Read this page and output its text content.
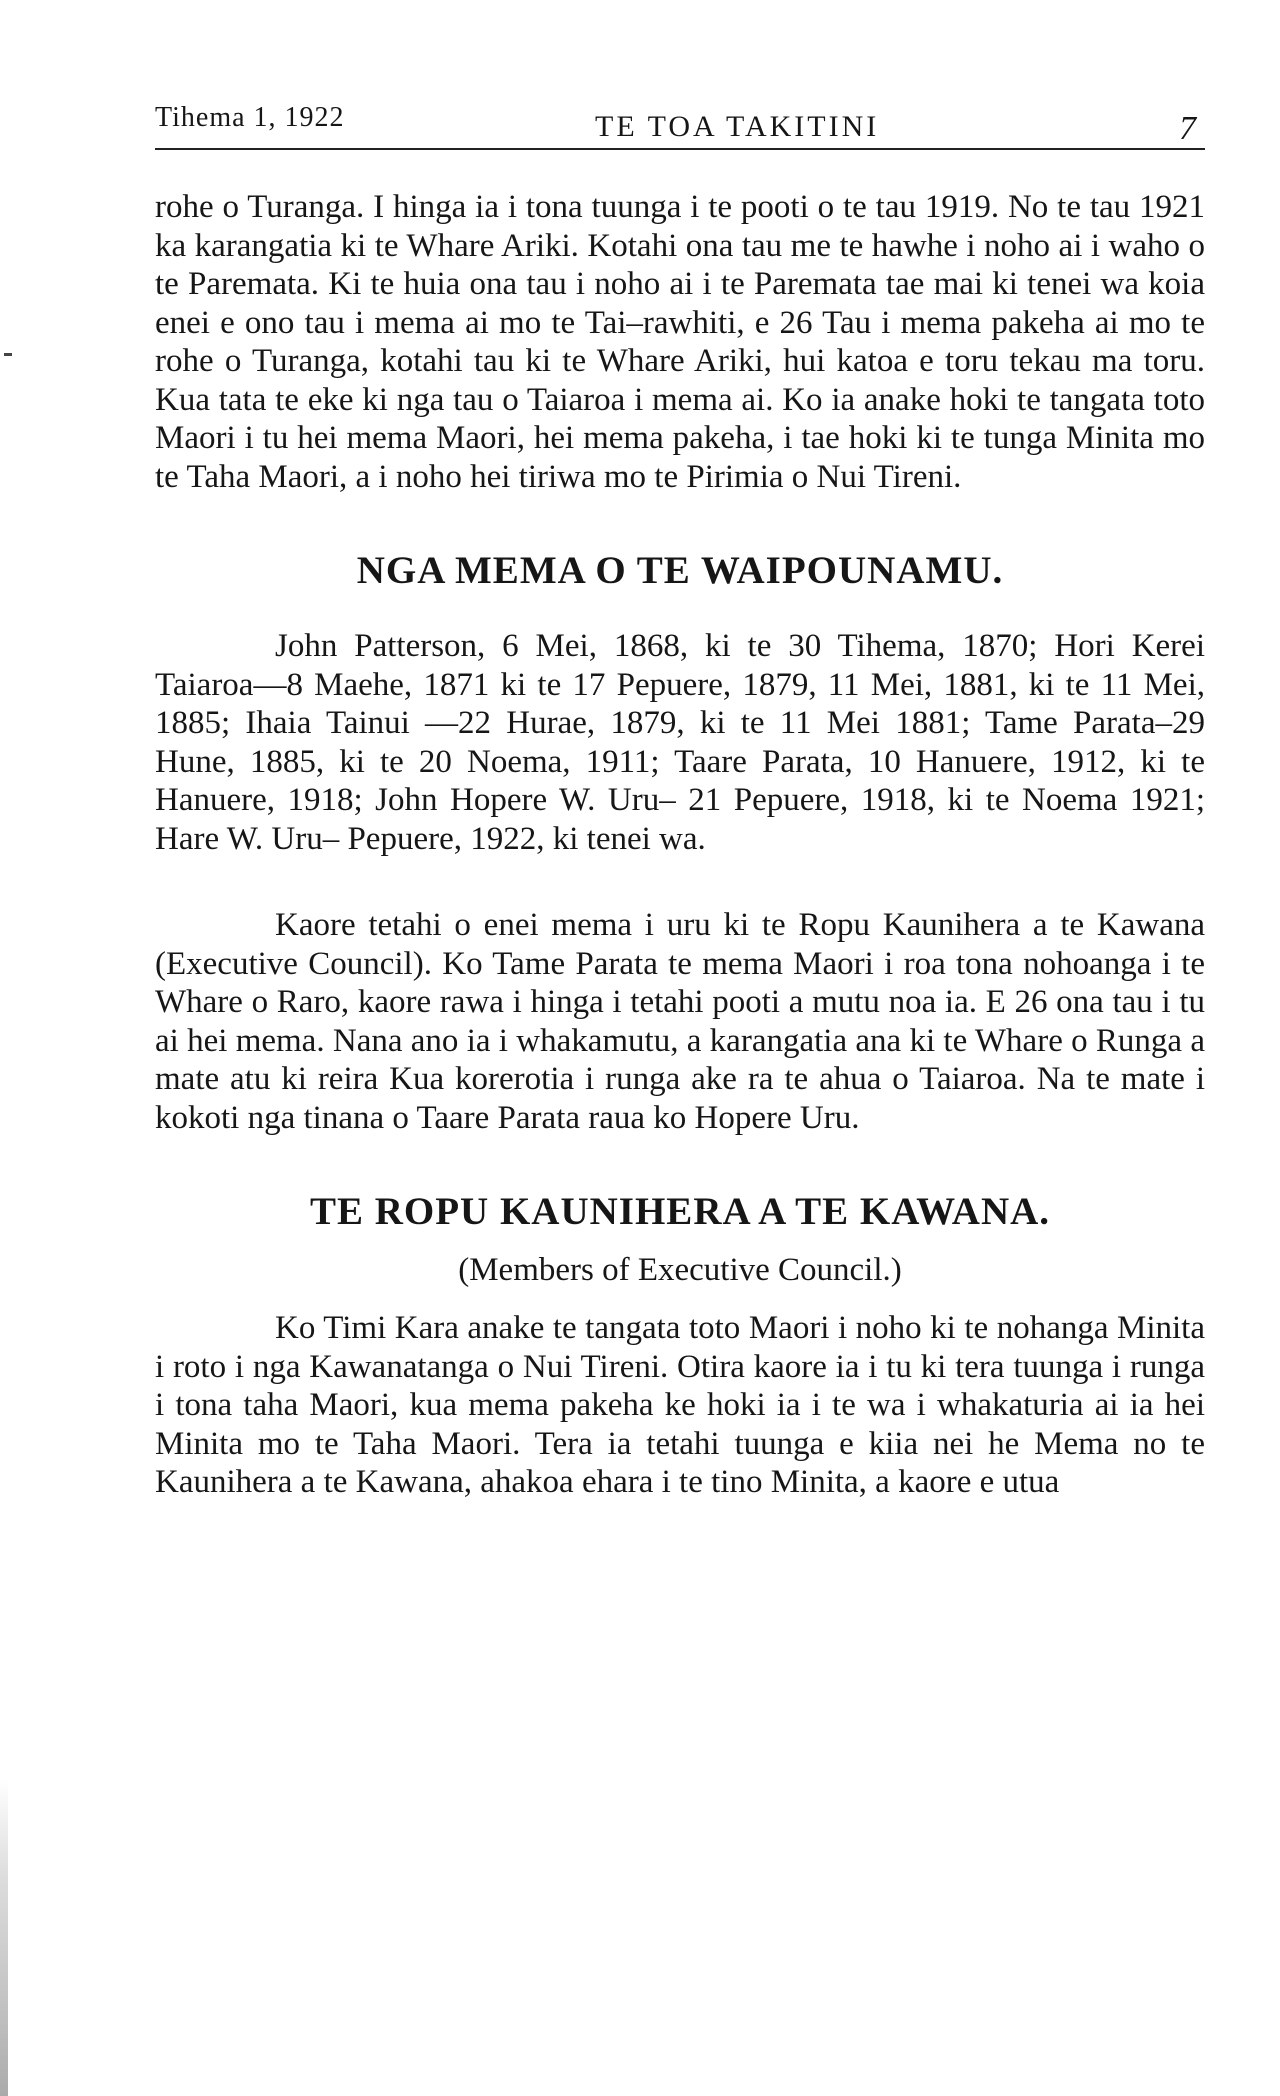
Tihema 1, 1922	TE TOA TAKITINI	7

rohe o Turanga. I hinga ia i tona tuunga i te pooti o te tau 1919. No te tau 1921 ka karangatia ki te Whare Ariki. Kotahi ona tau me te hawhe i noho ai i waho o te Paremata. Ki te huia ona tau i noho ai i te Paremata tae mai ki tenei wa koia enei e ono tau i mema ai mo te Tai–rawhiti, e 26 Tau i mema pakeha ai mo te rohe o Turanga, kotahi tau ki te Whare Ariki, hui katoa e toru tekau ma toru. Kua tata te eke ki nga tau o Taiaroa i mema ai. Ko ia anake hoki te tangata toto Maori i tu hei mema Maori, hei mema pakeha, i tae hoki ki te tunga Minita mo te Taha Maori, a i noho hei tiriwa mo te Pirimia o Nui Tireni.

NGA MEMA O TE WAIPOUNAMU.

John Patterson, 6 Mei, 1868, ki te 30 Tihema, 1870; Hori Kerei Taiaroa—8 Maehe, 1871 ki te 17 Pepuere, 1879, 11 Mei, 1881, ki te 11 Mei, 1885; Ihaia Tainui —22 Hurae, 1879, ki te 11 Mei 1881; Tame Parata–29 Hune, 1885, ki te 20 Noema, 1911; Taare Parata, 10 Hanuere, 1912, ki te Hanuere, 1918; John Hopere W. Uru– 21 Pepuere, 1918, ki te Noema 1921; Hare W. Uru– Pepuere, 1922, ki tenei wa.

Kaore tetahi o enei mema i uru ki te Ropu Kaunihera a te Kawana (Executive Council). Ko Tame Parata te mema Maori i roa tona nohoanga i te Whare o Raro, kaore rawa i hinga i tetahi pooti a mutu noa ia. E 26 ona tau i tu ai hei mema. Nana ano ia i whakamutu, a karangatia ana ki te Whare o Runga a mate atu ki reira Kua korerotia i runga ake ra te ahua o Taiaroa. Na te mate i kokoti nga tinana o Taare Parata raua ko Hopere Uru.

TE ROPU KAUNIHERA A TE KAWANA.
(Members of Executive Council.)

Ko Timi Kara anake te tangata toto Maori i noho ki te nohanga Minita i roto i nga Kawanatanga o Nui Tireni. Otira kaore ia i tu ki tera tuunga i runga i tona taha Maori, kua mema pakeha ke hoki ia i te wa i whakaturia ai ia hei Minita mo te Taha Maori. Tera ia tetahi tuunga e kiia nei he Mema no te Kaunihera a te Kawana, ahakoa ehara i te tino Minita, a kaore e utua
